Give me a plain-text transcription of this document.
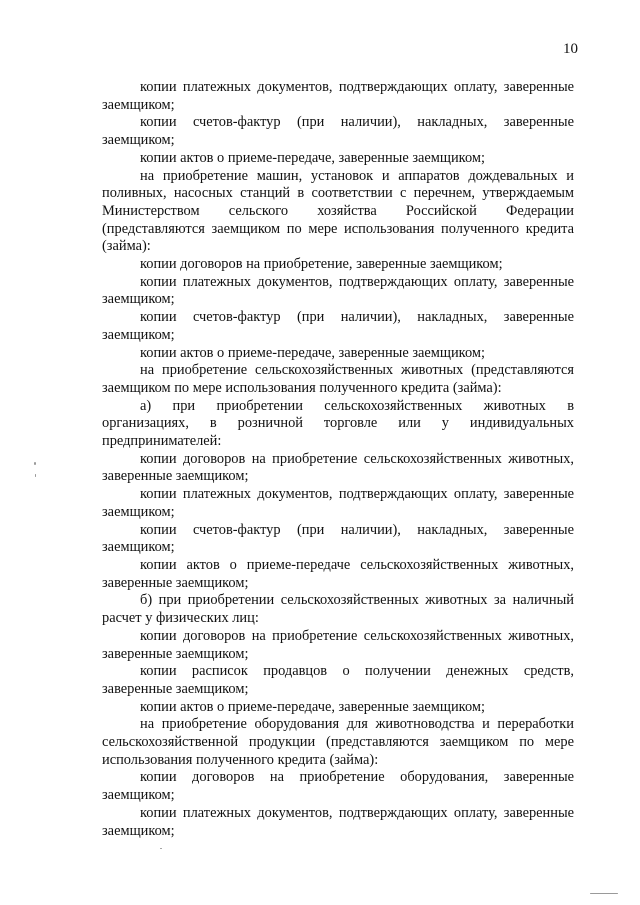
10

копии платежных документов, подтверждающих оплату, заверенные заемщиком;

копии счетов-фактур (при наличии), накладных, заверенные заемщиком;

копии актов о приеме-передаче, заверенные заемщиком;

на приобретение машин, установок и аппаратов дождевальных и поливных, насосных станций в соответствии с перечнем, утверждаемым Министерством сельского хозяйства Российской Федерации (представляются заемщиком по мере использования полученного кредита (займа):

копии договоров на приобретение, заверенные заемщиком;

копии платежных документов, подтверждающих оплату, заверенные заемщиком;

копии счетов-фактур (при наличии), накладных, заверенные заемщиком;

копии актов о приеме-передаче, заверенные заемщиком;

на приобретение сельскохозяйственных животных (представляются заемщиком по мере использования полученного кредита (займа):

а) при приобретении сельскохозяйственных животных в организациях, в розничной торговле или у индивидуальных предпринимателей:

копии договоров на приобретение сельскохозяйственных животных, заверенные заемщиком;

копии платежных документов, подтверждающих оплату, заверенные заемщиком;

копии счетов-фактур (при наличии), накладных, заверенные заемщиком;

копии актов о приеме-передаче сельскохозяйственных животных, заверенные заемщиком;

б) при приобретении сельскохозяйственных животных за наличный расчет у физических лиц:

копии договоров на приобретение сельскохозяйственных животных, заверенные заемщиком;

копии расписок продавцов о получении денежных средств, заверенные заемщиком;

копии актов о приеме-передаче, заверенные заемщиком;

на приобретение оборудования для животноводства и переработки сельскохозяйственной продукции (представляются заемщиком по мере использования полученного кредита (займа):

копии договоров на приобретение оборудования, заверенные заемщиком;

копии платежных документов, подтверждающих оплату, заверенные заемщиком;
